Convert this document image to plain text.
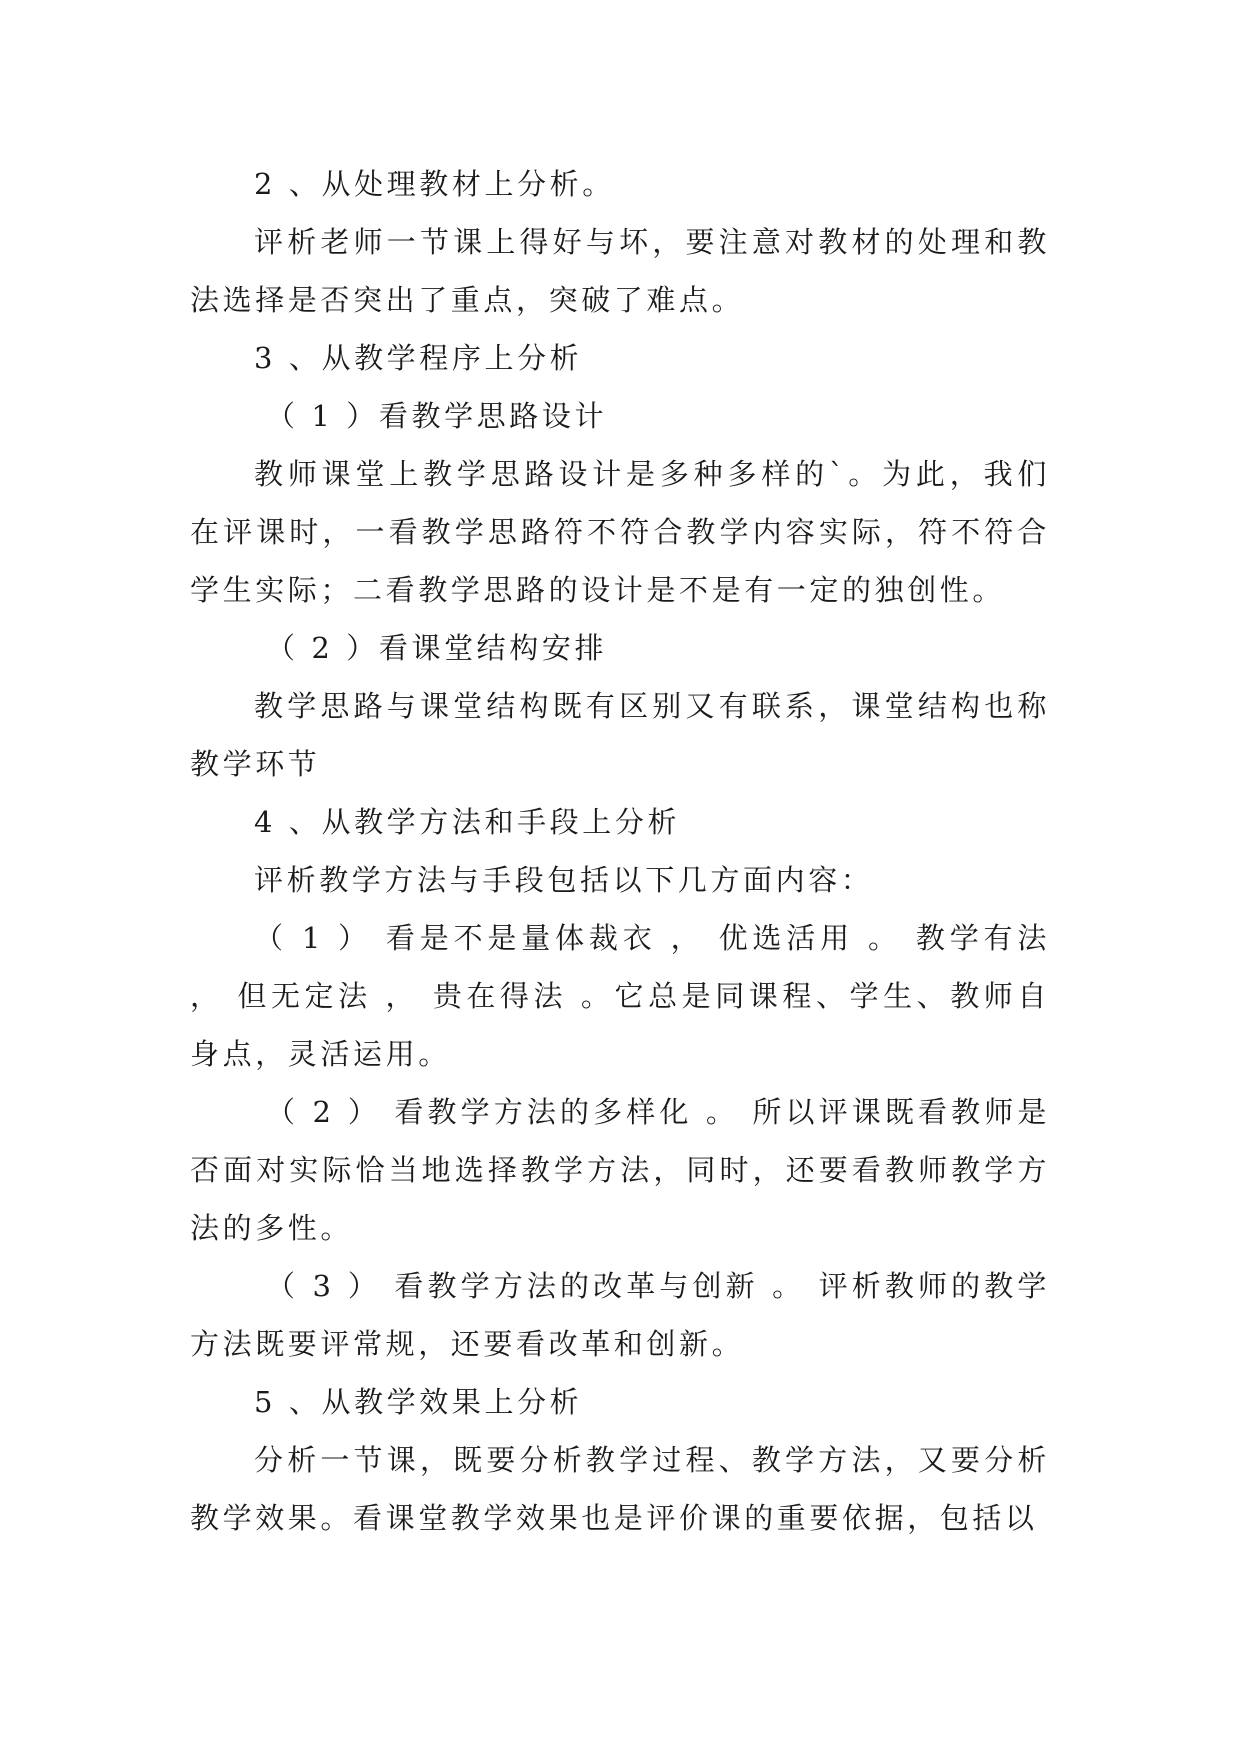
2 、从处理教材上分析。

评析老师一节课上得好与坏，要注意对教材的处理和教法选择是否突出了重点，突破了难点。

3 、从教学程序上分析

（ 1 ）看教学思路设计

教师课堂上教学思路设计是多种多样的`。为此，我们在评课时，一看教学思路符不符合教学内容实际，符不符合学生实际；二看教学思路的设计是不是有一定的独创性。

（ 2 ）看课堂结构安排

教学思路与课堂结构既有区别又有联系，课堂结构也称教学环节

4 、从教学方法和手段上分析

评析教学方法与手段包括以下几方面内容：

（ 1 ） 看是不是量体裁衣 ， 优选活用 。 教学有法 ， 但无定法 ， 贵在得法 。它总是同课程、学生、教师自身点，灵活运用。

（ 2 ） 看教学方法的多样化 。 所以评课既看教师是否面对实际恰当地选择教学方法，同时，还要看教师教学方法的多性。

（ 3 ） 看教学方法的改革与创新 。 评析教师的教学方法既要评常规，还要看改革和创新。

5 、从教学效果上分析

分析一节课，既要分析教学过程、教学方法，又要分析教学效果。看课堂教学效果也是评价课的重要依据，包括以
